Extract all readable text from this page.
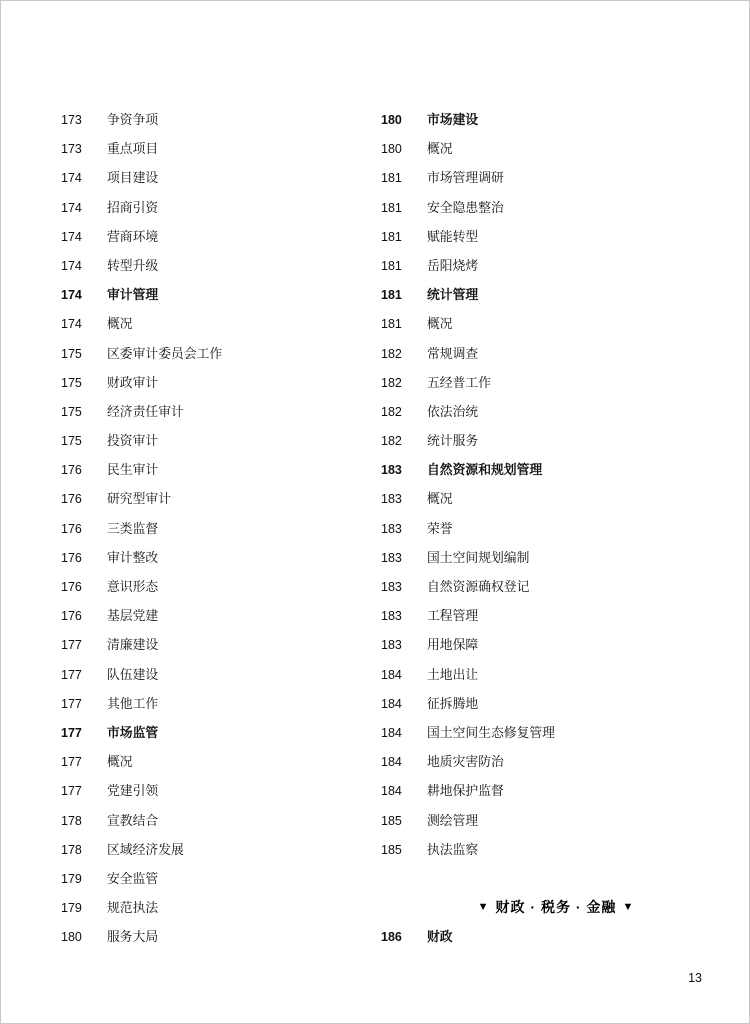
173	争资争项
173	重点项目
174	项目建设
174	招商引资
174	营商环境
174	转型升级
174	审计管理
174	概况
175	区委审计委员会工作
175	财政审计
175	经济责任审计
175	投资审计
176	民生审计
176	研究型审计
176	三类监督
176	审计整改
176	意识形态
176	基层党建
177	清廉建设
177	队伍建设
177	其他工作
177	市场监管
177	概况
177	党建引领
178	宣教结合
178	区域经济发展
179	安全监管
179	规范执法
180	服务大局
180	市场建设
180	概况
181	市场管理调研
181	安全隐患整治
181	赋能转型
181	岳阳烧烤
181	统计管理
181	概况
182	常规调查
182	五经普工作
182	依法治统
182	统计服务
183	自然资源和规划管理
183	概况
183	荣誉
183	国土空间规划编制
183	自然资源确权登记
183	工程管理
183	用地保障
184	土地出让
184	征拆腾地
184	国土空间生态修复管理
184	地质灾害防治
184	耕地保护监督
185	测绘管理
185	执法监察
▼ 财政 · 税务 · 金融 ▼
186	财政
13
